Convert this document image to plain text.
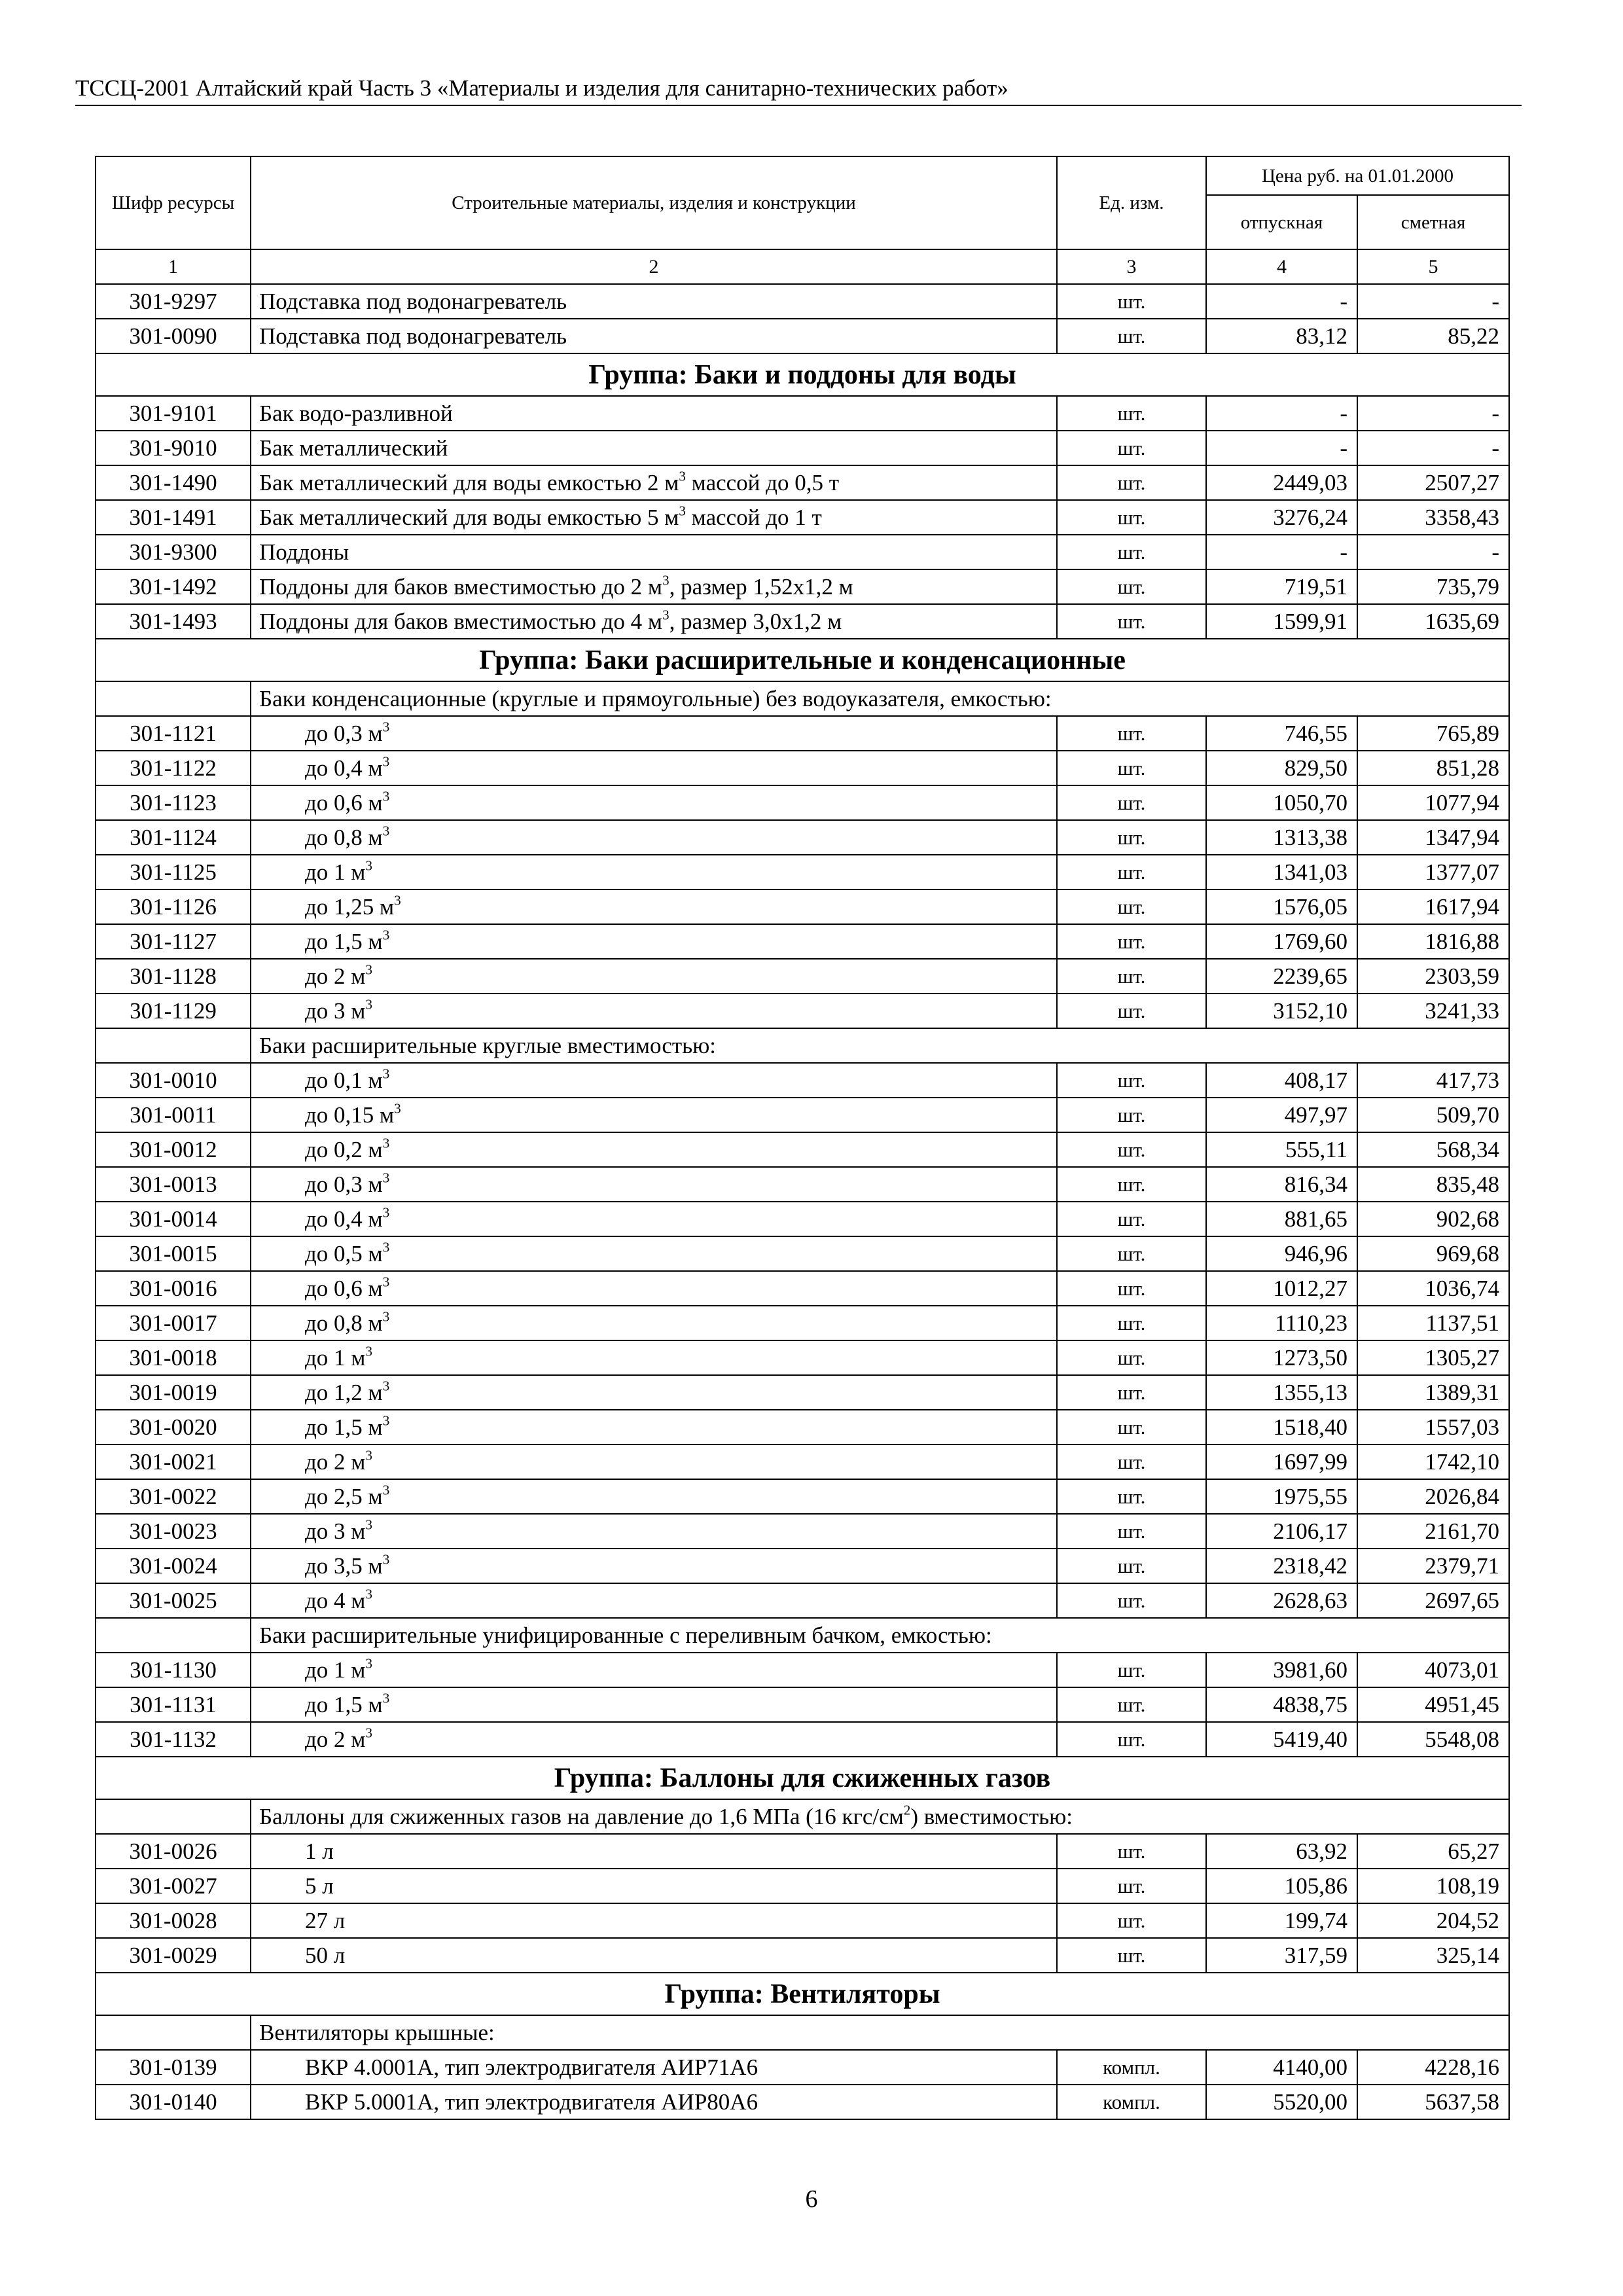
ТССЦ-2001 Алтайский край Часть 3 «Материалы и изделия для санитарно-технических работ»
Шифр ресурсы	Строительные материалы, изделия и конструкции	Ед. изм.	Цена руб. на 01.01.2000	
			отпускная	сметная
1	2	3	4	5
301-9297	Подставка под водонагреватель	шт.	-	-
301-0090	Подставка под водонагреватель	шт.	83,12	85,22
Группа: Баки и поддоны для воды				
301-9101	Бак водо-разливной	шт.	-	-
301-9010	Бак металлический	шт.	-	-
301-1490	Бак металлический для воды емкостью 2 $м^3$ массой до 0,5 т	шт.	2449,03	2507,27
301-1491	Бак металлический для воды емкостью 5 $м^3$ массой до 1 т	шт.	3276,24	3358,43
301-9300	Поддоны	шт.	-	-
301-1492	Поддоны для баков вместимостью до 2 $м^3$, размер 1,52х1,2 м	шт.	719,51	735,79
301-1493	Поддоны для баков вместимостью до 4 $м^3$, размер 3,0х1,2 м	шт.	1599,91	1635,69
Группа: Баки расширительные и конденсационные				
	Баки конденсационные (круглые и прямоугольные) без водоуказателя, емкостью:			
301-1121	до 0,3 $м^3$	шт.	746,55	765,89
301-1122	до 0,4 $м^3$	шт.	829,50	851,28
301-1123	до 0,6 $м^3$	шт.	1050,70	1077,94
301-1124	до 0,8 $м^3$	шт.	1313,38	1347,94
301-1125	до 1 $м^3$	шт.	1341,03	1377,07
301-1126	до 1,25 $м^3$	шт.	1576,05	1617,94
301-1127	до 1,5 $м^3$	шт.	1769,60	1816,88
301-1128	до 2 $м^3$	шт.	2239,65	2303,59
301-1129	до 3 $м^3$	шт.	3152,10	3241,33
	Баки расширительные круглые вместимостью:			
301-0010	до 0,1 $м^3$	шт.	408,17	417,73
301-0011	до 0,15 $м^3$	шт.	497,97	509,70
301-0012	до 0,2 $м^3$	шт.	555,11	568,34
301-0013	до 0,3 $м^3$	шт.	816,34	835,48
301-0014	до 0,4 $м^3$	шт.	881,65	902,68
301-0015	до 0,5 $м^3$	шт.	946,96	969,68
301-0016	до 0,6 $м^3$	шт.	1012,27	1036,74
301-0017	до 0,8 $м^3$	шт.	1110,23	1137,51
301-0018	до 1 $м^3$	шт.	1273,50	1305,27
301-0019	до 1,2 $м^3$	шт.	1355,13	1389,31
301-0020	до 1,5 $м^3$	шт.	1518,40	1557,03
301-0021	до 2 $м^3$	шт.	1697,99	1742,10
301-0022	до 2,5 $м^3$	шт.	1975,55	2026,84
301-0023	до 3 $м^3$	шт.	2106,17	2161,70
301-0024	до 3,5 $м^3$	шт.	2318,42	2379,71
301-0025	до 4 $м^3$	шт.	2628,63	2697,65
	Баки расширительные унифицированные с переливным бачком, емкостью:			
301-1130	до 1 $м^3$	шт.	3981,60	4073,01
301-1131	до 1,5 $м^3$	шт.	4838,75	4951,45
301-1132	до 2 $м^3$	шт.	5419,40	5548,08
Группа: Баллоны для сжиженных газов				
	Баллоны для сжиженных газов на давление до 1,6 МПа (16 кгс/$см^2$) вместимостью:			
301-0026	1 л	шт.	63,92	65,27
301-0027	5 л	шт.	105,86	108,19
301-0028	27 л	шт.	199,74	204,52
301-0029	50 л	шт.	317,59	325,14
Группа: Вентиляторы				
	Вентиляторы крышные:			
301-0139	ВКР 4.0001А, тип электродвигателя АИР71А6	компл.	4140,00	4228,16
301-0140	ВКР 5.0001А, тип электродвигателя АИР80А6	компл.	5520,00	5637,58
6
